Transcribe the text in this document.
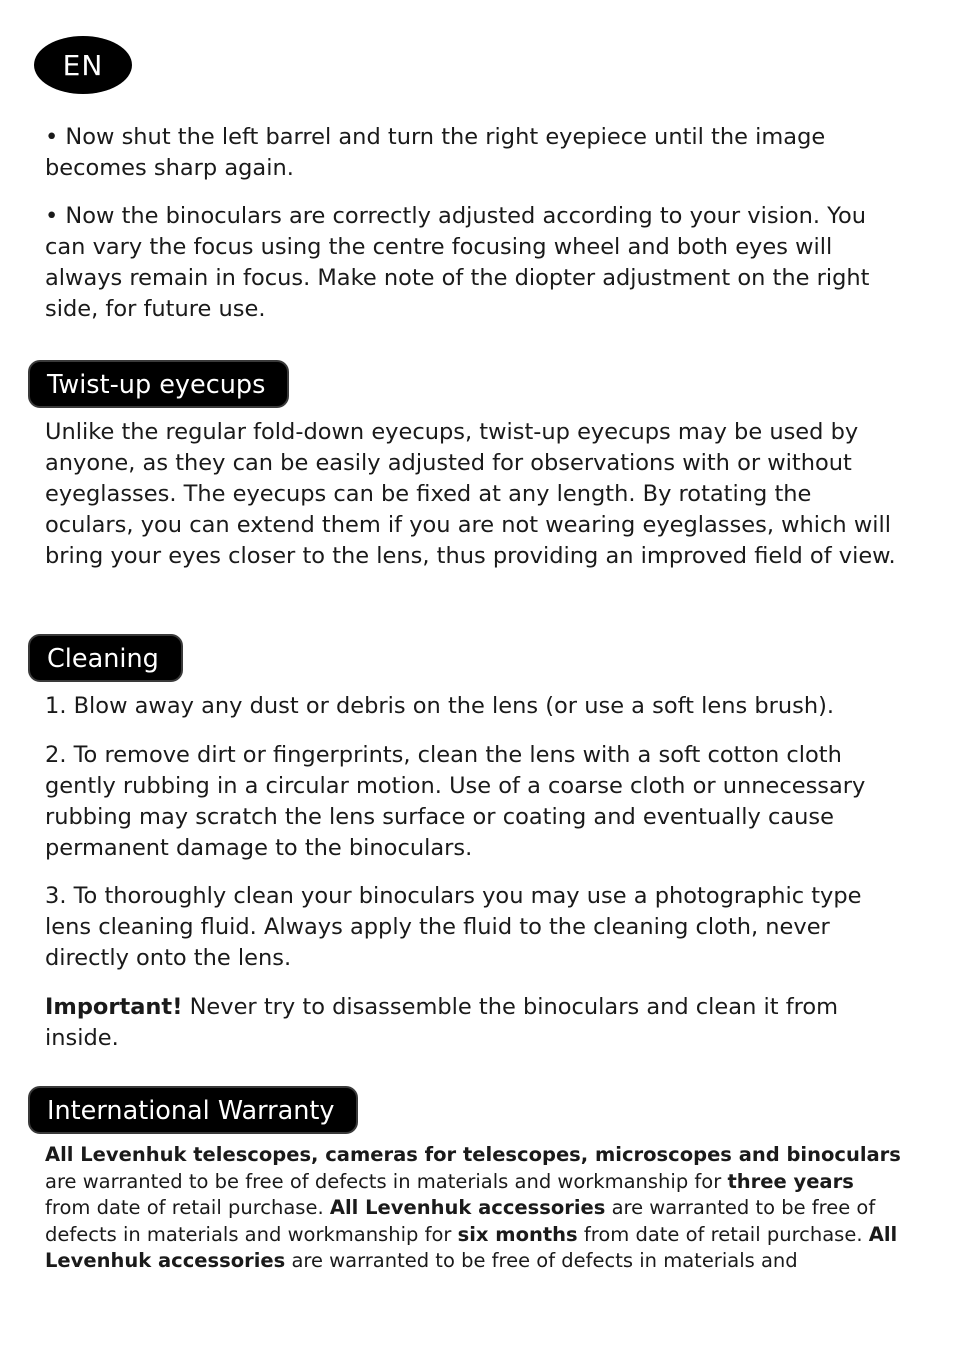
EN

• Now shut the left barrel and turn the right eyepiece until the image becomes sharp again.

• Now the binoculars are correctly adjusted according to your vision. You can vary the focus using the centre focusing wheel and both eyes will always remain in focus. Make note of the diopter adjustment on the right side, for future use.

Twist-up eyecups

Unlike the regular fold-down eyecups, twist-up eyecups may be used by anyone, as they can be easily adjusted for observations with or without eyeglasses. The eyecups can be fixed at any length. By rotating the oculars, you can extend them if you are not wearing eyeglasses, which will bring your eyes closer to the lens, thus providing an improved field of view.

Cleaning

1. Blow away any dust or debris on the lens (or use a soft lens brush).

2. To remove dirt or fingerprints, clean the lens with a soft cotton cloth gently rubbing in a circular motion. Use of a coarse cloth or unnecessary rubbing may scratch the lens surface or coating and eventually cause permanent damage to the binoculars.

3. To thoroughly clean your binoculars you may use a photographic type lens cleaning fluid. Always apply the fluid to the cleaning cloth, never directly onto the lens.

Important! Never try to disassemble the binoculars and clean it from inside.

International Warranty

All Levenhuk telescopes, cameras for telescopes, microscopes and binoculars are warranted to be free of defects in materials and workmanship for three years from date of retail purchase. All Levenhuk accessories are warranted to be free of defects in materials and workmanship for six months from date of retail purchase. All Levenhuk accessories are warranted to be free of defects in materials and
